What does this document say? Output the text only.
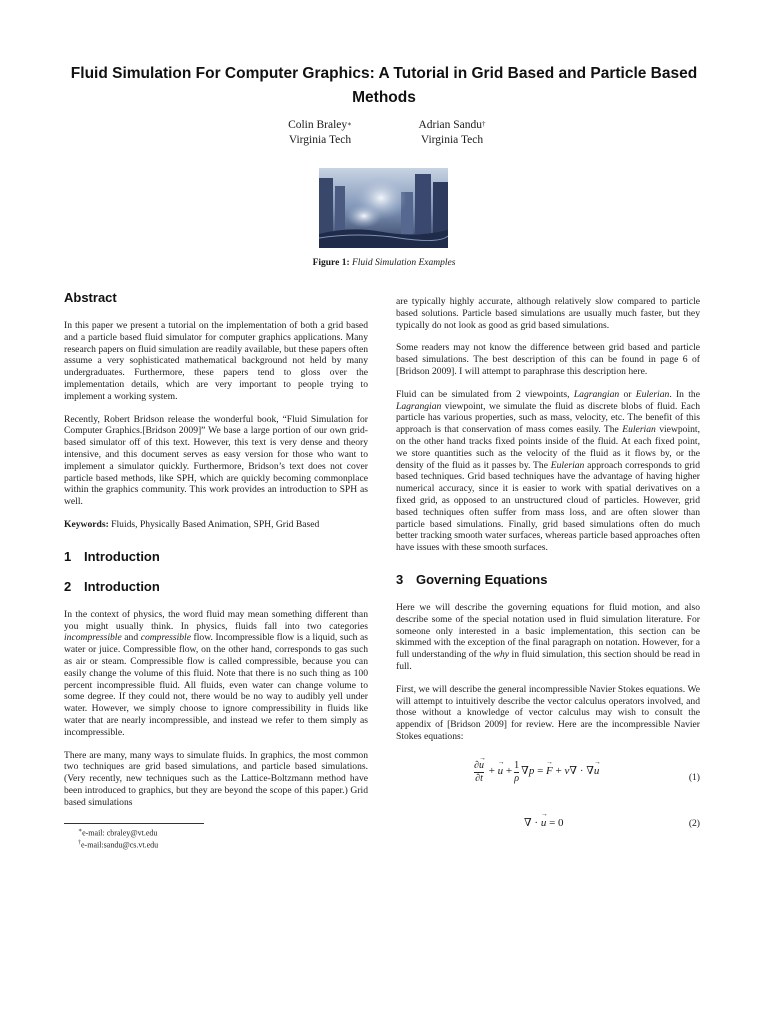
Fluid Simulation For Computer Graphics: A Tutorial in Grid Based and Particle Based Methods
Colin Braley∗
Virginia Tech
Adrian Sandu†
Virginia Tech
Figure 1: Fluid Simulation Examples
Abstract

In this paper we present a tutorial on the implementation of both a grid based and a particle based fluid simulator for computer graphics applications. Many research papers on fluid simulation are readily available, but these papers often assume a very sophisticated mathematical background not held by many undergraduates. Furthermore, these papers tend to gloss over the implementation details, which are very important to people trying to implement a working system.

Recently, Robert Bridson release the wonderful book, “Fluid Simulation for Computer Graphics.[Bridson 2009]” We base a large portion of our own grid-based simulator off of this text. However, this text is very dense and theory intensive, and this document serves as easy version for those who want to implement a simulator quickly. Furthermore, Bridson’s text does not cover particle based methods, like SPH, which are quickly becoming commonplace within the graphics community. This work provides an introduction to SPH as well.

Keywords: Fluids, Physically Based Animation, SPH, Grid Based

1 Introduction
2 Introduction

In the context of physics, the word fluid may mean something different than you might usually think. In physics, fluids fall into two categories incompressible and compressible flow. Incompressible flow is a liquid, such as water or juice. Compressible flow, on the other hand, corresponds to gas such as air or steam. Compressible flow is called compressible, because you can easily change the volume of this fluid. Note that there is no such thing as 100 percent incompressible fluid. All fluids, even water can change volume to some degree. If they could not, there would be no way to audibly yell under water. However, we simply choose to ignore compressibility in fluids like water that are nearly incompressible, and instead we refer to them simply as incompressible.

There are many, many ways to simulate fluids. In graphics, the most common two techniques are grid based simulations, and particle based simulations. (Very recently, new techniques such as the Lattice-Boltzmann method have been introduced to graphics, but they are beyond the scope of this paper.) Grid based simulations

∗e-mail: cbraley@vt.edu
†e-mail:sandu@cs.vt.edu

are typically highly accurate, although relatively slow compared to particle based solutions. Particle based simulations are usually much faster, but they typically do not look as good as grid based simulations.

Some readers may not know the difference between grid based and particle based simulations. The best description of this can be found in page 6 of [Bridson 2009]. I will attempt to paraphrase this description here.

Fluid can be simulated from 2 viewpoints, Lagrangian or Eulerian. In the Lagrangian viewpoint, we simulate the fluid as discrete blobs of fluid. Each particle has various properties, such as mass, velocity, etc. The benefit of this approach is that conservation of mass comes easily. The Eulerian viewpoint, on the other hand tracks fixed points inside of the fluid. At each fixed point, we store quantities such as the velocity of the fluid as it flows by, or the density of the fluid as it passes by. The Eulerian approach corresponds to grid based techniques. Grid based techniques have the advantage of having higher numerical accuracy, since it is easier to work with spatial derivatives on a fixed grid, as opposed to an unstructured cloud of particles. However, grid based techniques often suffer from mass loss, and are often slower than particle based simulations. Finally, grid based simulations often do much better tracking smooth water surfaces, whereas particle based approaches often have issues with these smooth surfaces.

3 Governing Equations

Here we will describe the governing equations for fluid motion, and also describe some of the special notation used in fluid simulation literature. For someone only interested in a basic implementation, this section can be skimmed with the exception of the final paragraph on notation. However, for a full understanding of the why in fluid simulation, this section should be read in full.

First, we will describe the general incompressible Navier Stokes equations. We will attempt to intuitively describe the vector calculus operators involved, and those without a knowledge of vector calculus may wish to consult the appendix of [Bridson 2009] for review. Here are the incompressible Navier Stokes equations:

$\frac{\partial\to u}{\partial t}$ + → $u + \frac{1}{\rho} \nabla p$ = → F + ν∇ · ∇→ u	(1)
∇ · → u = 0	(2)
